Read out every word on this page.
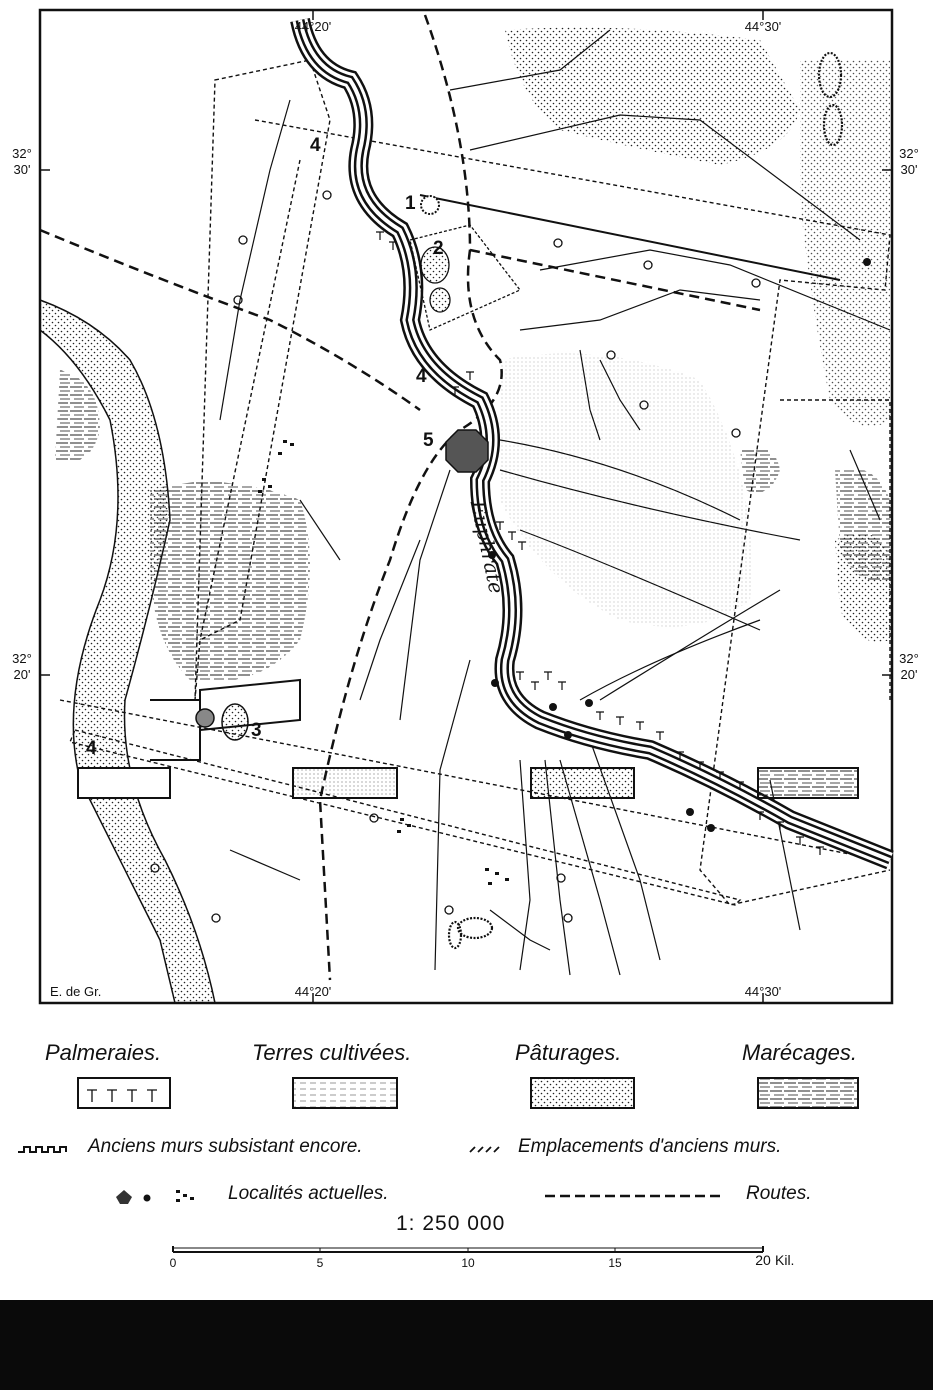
44°20'	44°30'
44°20'	44°30'
32°
30'
32°
30'
32°
20'
32°
20'
E. de Gr.
Euphrate
1
2
3
4
4
4
5
Palmeraies.	Terres cultivées.	Pâturages.	Marécages.
Anciens murs subsistant encore.	Emplacements d'anciens murs.
Localités actuelles.	Routes.
1: 250 000
0	5	10	15	20 Kil.
